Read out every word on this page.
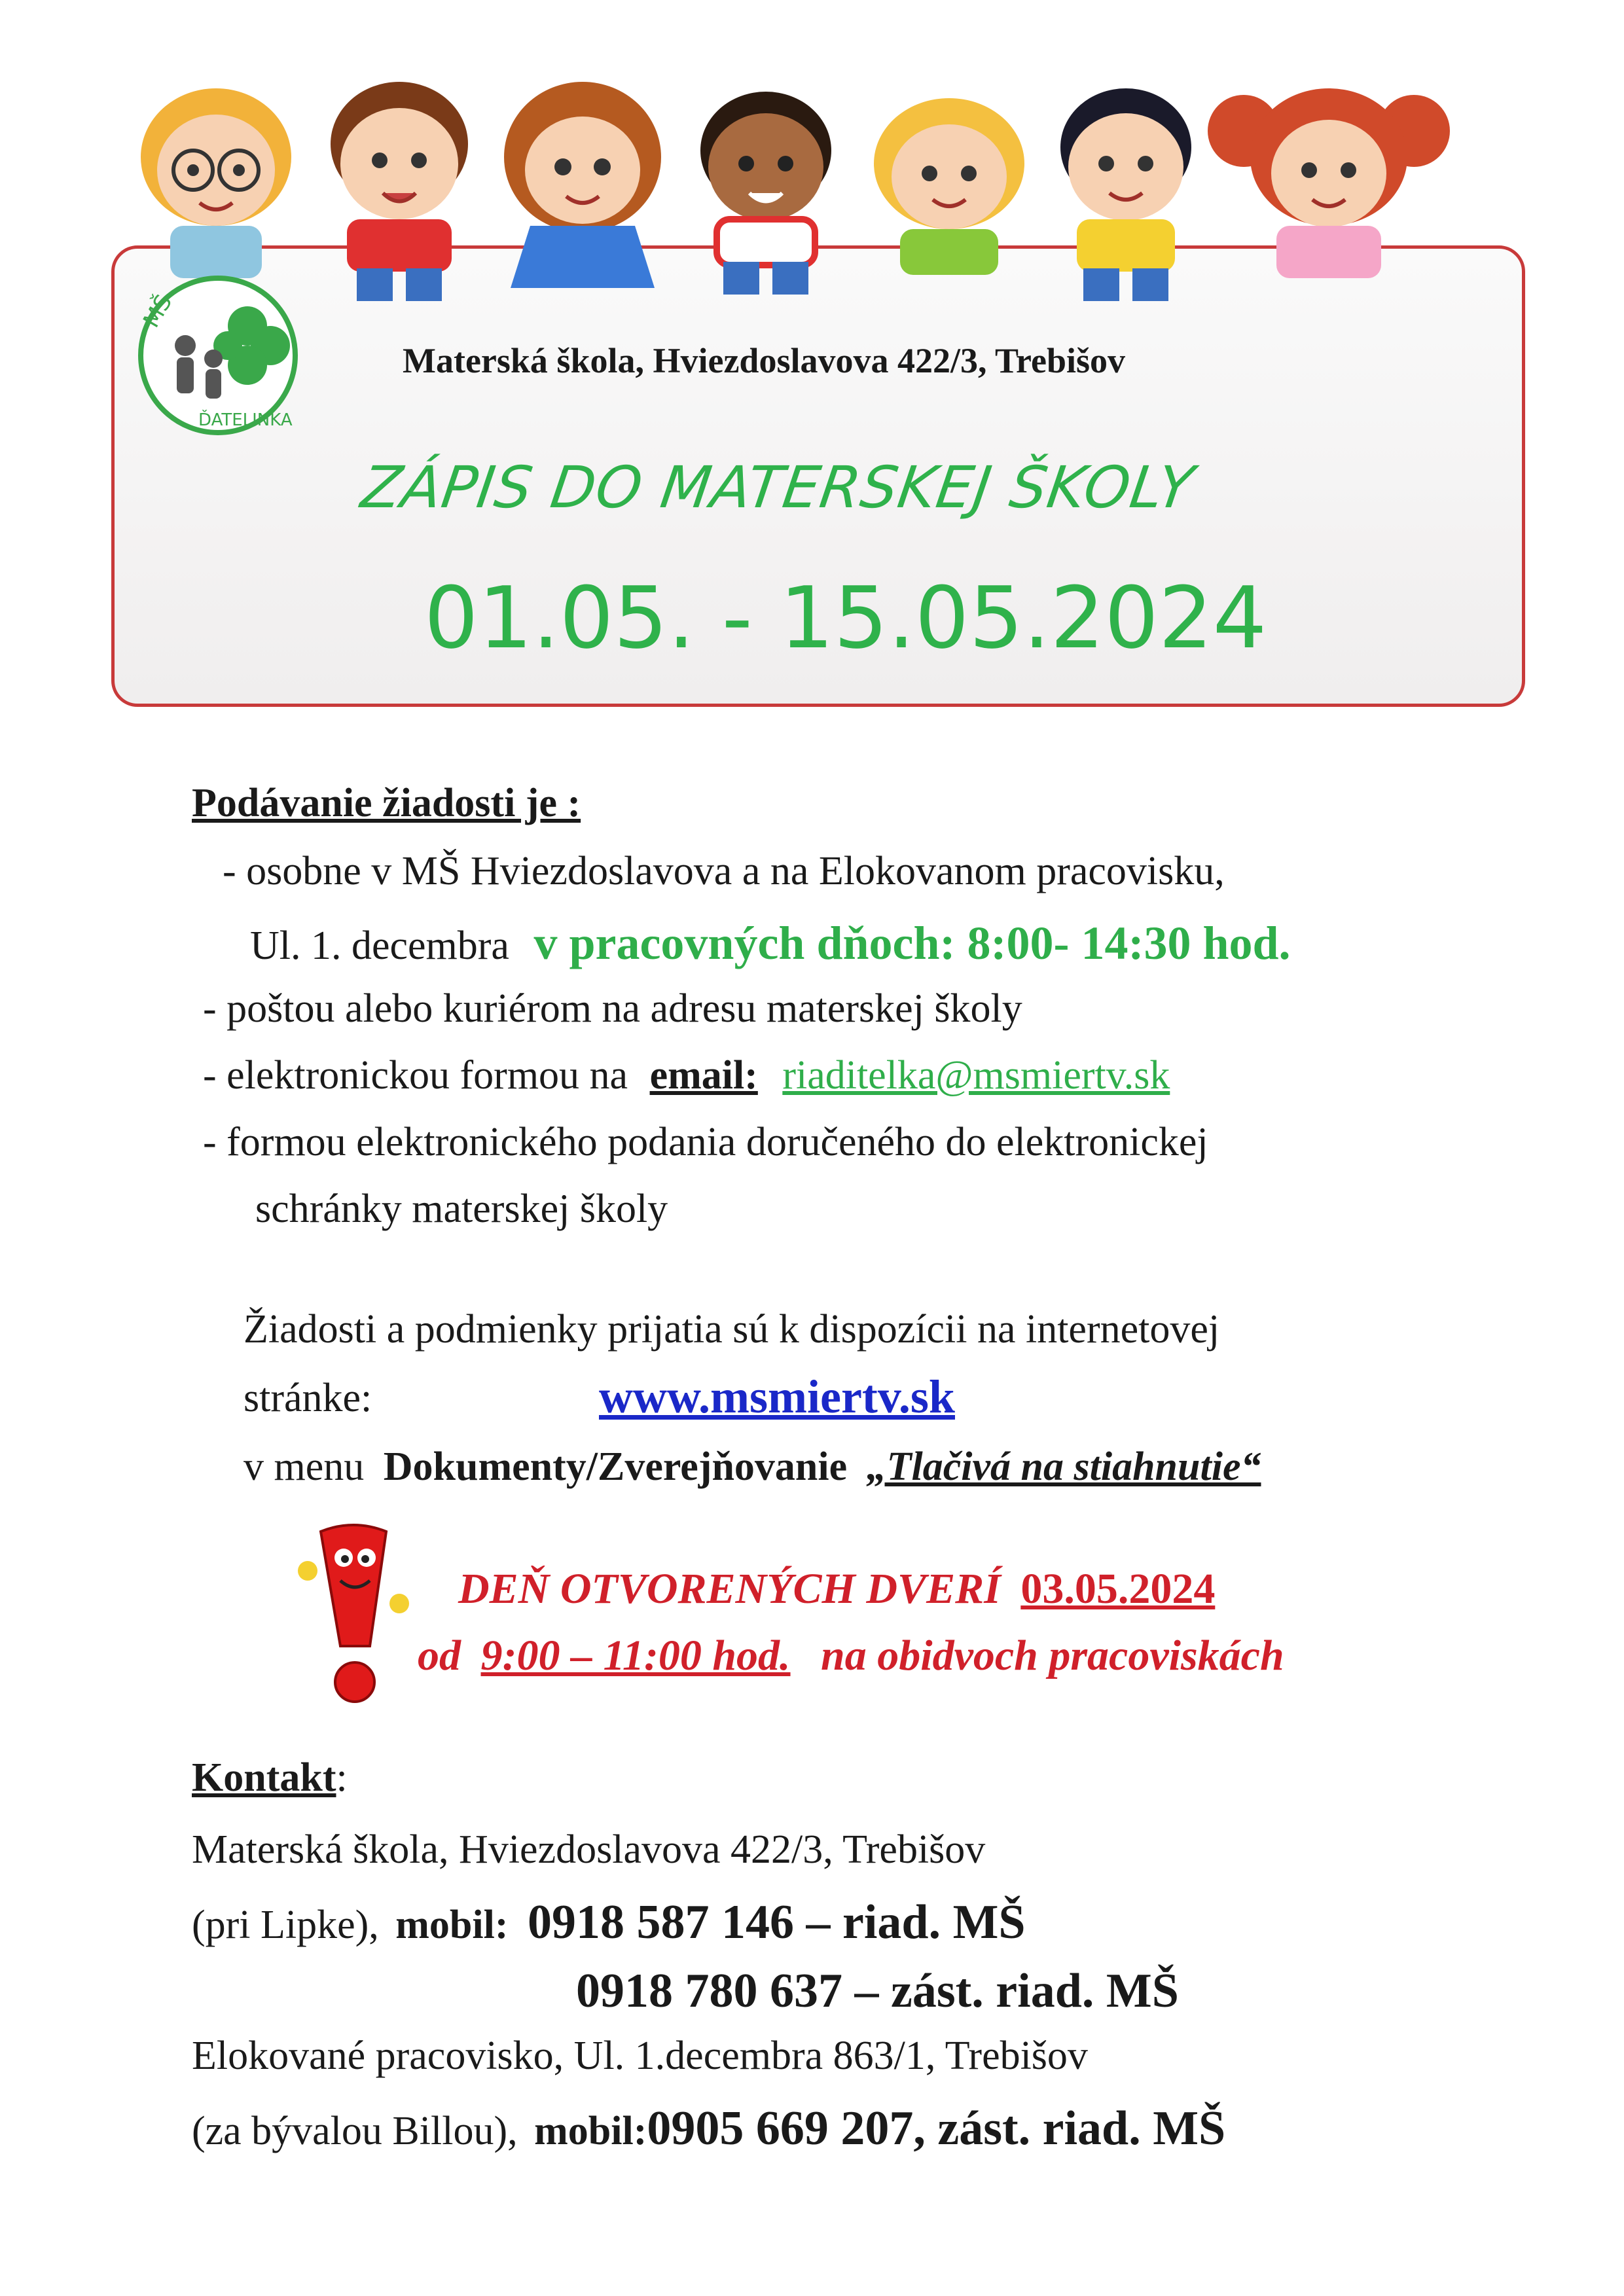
MŠ
ĎATELINKA
Materská škola, Hviezdoslavova 422/3, Trebišov
ZÁPIS DO MATERSKEJ ŠKOLY
01.05. - 15.05.2024
Podávanie žiadosti je :
- osobne v MŠ Hviezdoslavova a na Elokovanom pracovisku,
Ul. 1. decembra v pracovných dňoch: 8:00- 14:30 hod.
- poštou alebo kuriérom na adresu materskej školy
- elektronickou formou na email: riaditelka@msmiertv.sk
- formou elektronického podania doručeného do elektronickej
schránky materskej školy
Žiadosti a podmienky prijatia sú k dispozícii na internetovej
stránke:	www.msmiertv.sk
v menu Dokumenty/Zverejňovanie „Tlačivá na stiahnutie“
DEŇ OTVORENÝCH DVERÍ 03.05.2024
od 9:00 – 11:00 hod. na obidvoch pracoviskách
Kontakt:
Materská škola, Hviezdoslavova 422/3, Trebišov
(pri Lipke), mobil: 0918 587 146 – riad. MŠ
0918 780 637 – zást. riad. MŠ
Elokované pracovisko, Ul. 1.decembra 863/1, Trebišov
(za bývalou Billou), mobil:0905 669 207, zást. riad. MŠ
